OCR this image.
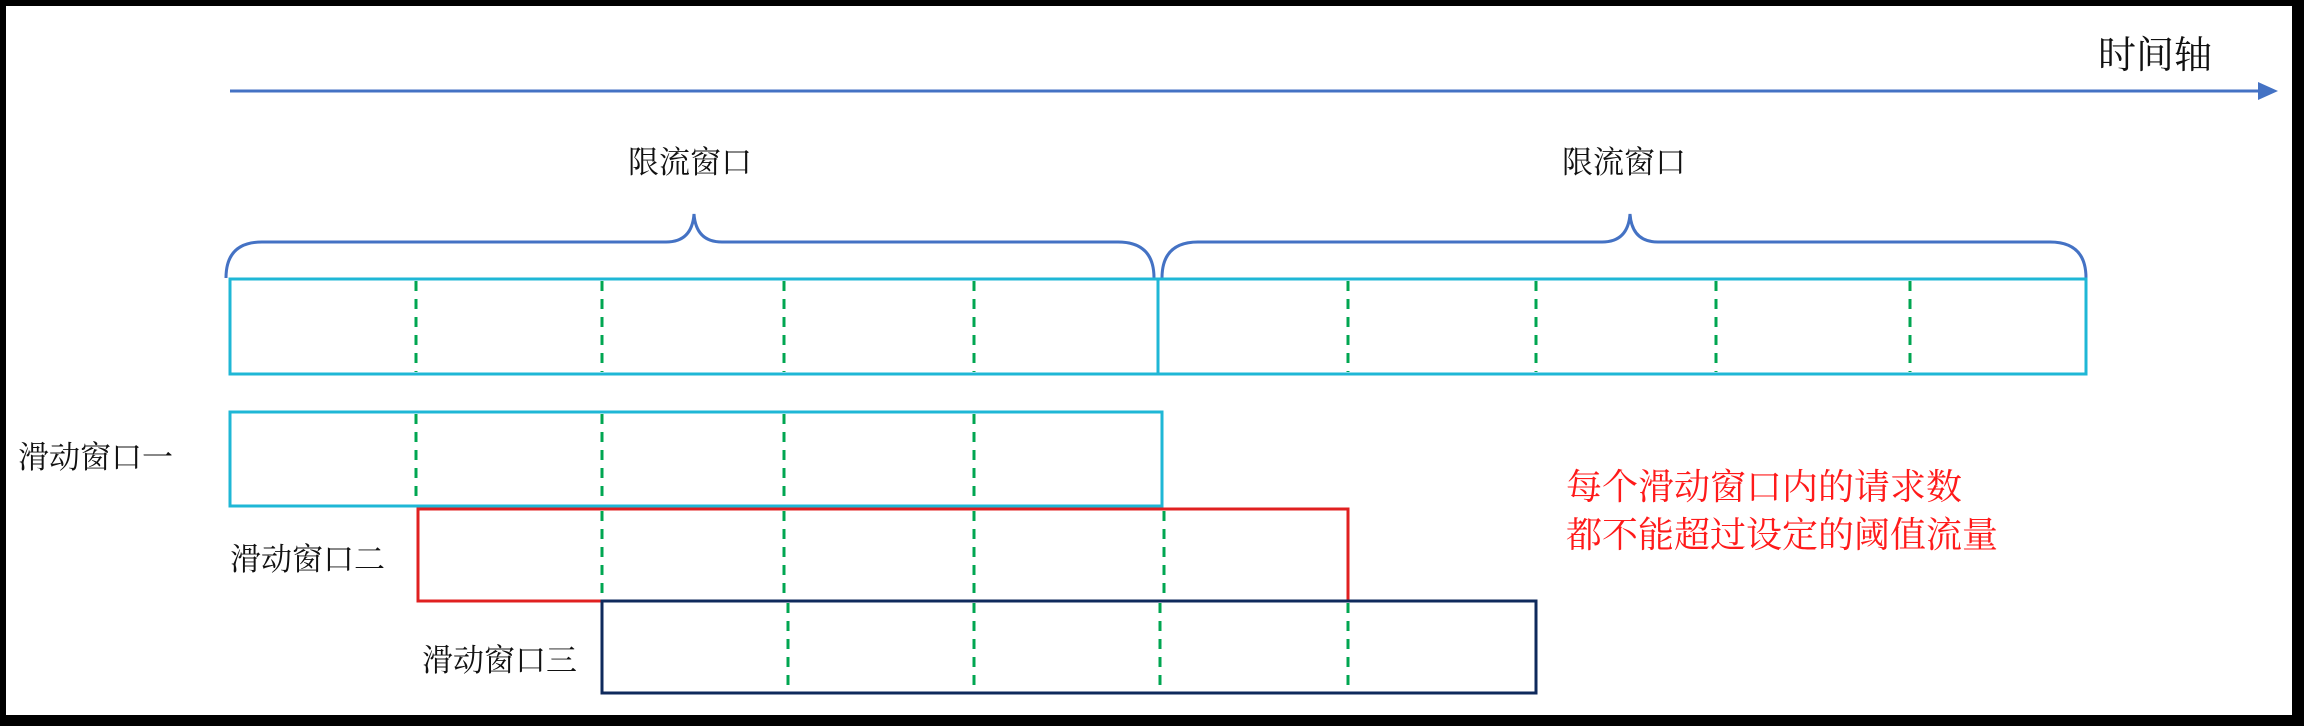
时间轴
限流窗口	限流窗口
滑动窗口一
滑动窗口二
滑动窗口三
每个滑动窗口内的请求数
都不能超过设定的阈值流量
